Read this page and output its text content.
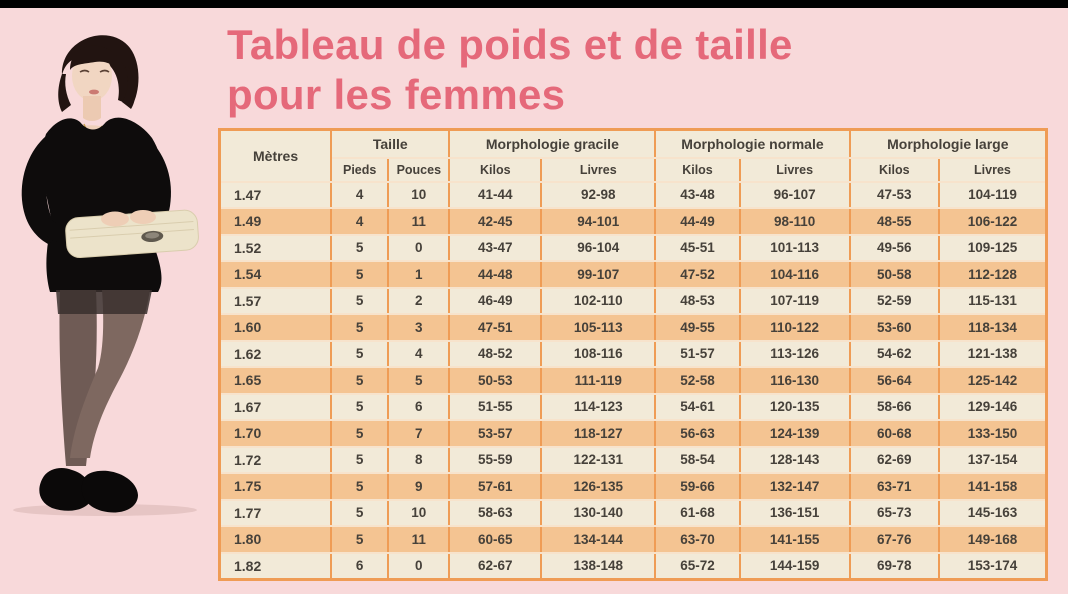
Tableau de poids et de taille
pour les femmes
Mètres	Taille		Morphologie gracile		Morphologie normale		Morphologie large	
	Pieds	Pouces	Kilos	Livres	Kilos	Livres	Kilos	Livres
1.47	4	10	41-44	92-98	43-48	96-107	47-53	104-119
1.49	4	11	42-45	94-101	44-49	98-110	48-55	106-122
1.52	5	0	43-47	96-104	45-51	101-113	49-56	109-125
1.54	5	1	44-48	99-107	47-52	104-116	50-58	112-128
1.57	5	2	46-49	102-110	48-53	107-119	52-59	115-131
1.60	5	3	47-51	105-113	49-55	110-122	53-60	118-134
1.62	5	4	48-52	108-116	51-57	113-126	54-62	121-138
1.65	5	5	50-53	111-119	52-58	116-130	56-64	125-142
1.67	5	6	51-55	114-123	54-61	120-135	58-66	129-146
1.70	5	7	53-57	118-127	56-63	124-139	60-68	133-150
1.72	5	8	55-59	122-131	58-54	128-143	62-69	137-154
1.75	5	9	57-61	126-135	59-66	132-147	63-71	141-158
1.77	5	10	58-63	130-140	61-68	136-151	65-73	145-163
1.80	5	11	60-65	134-144	63-70	141-155	67-76	149-168
1.82	6	0	62-67	138-148	65-72	144-159	69-78	153-174
